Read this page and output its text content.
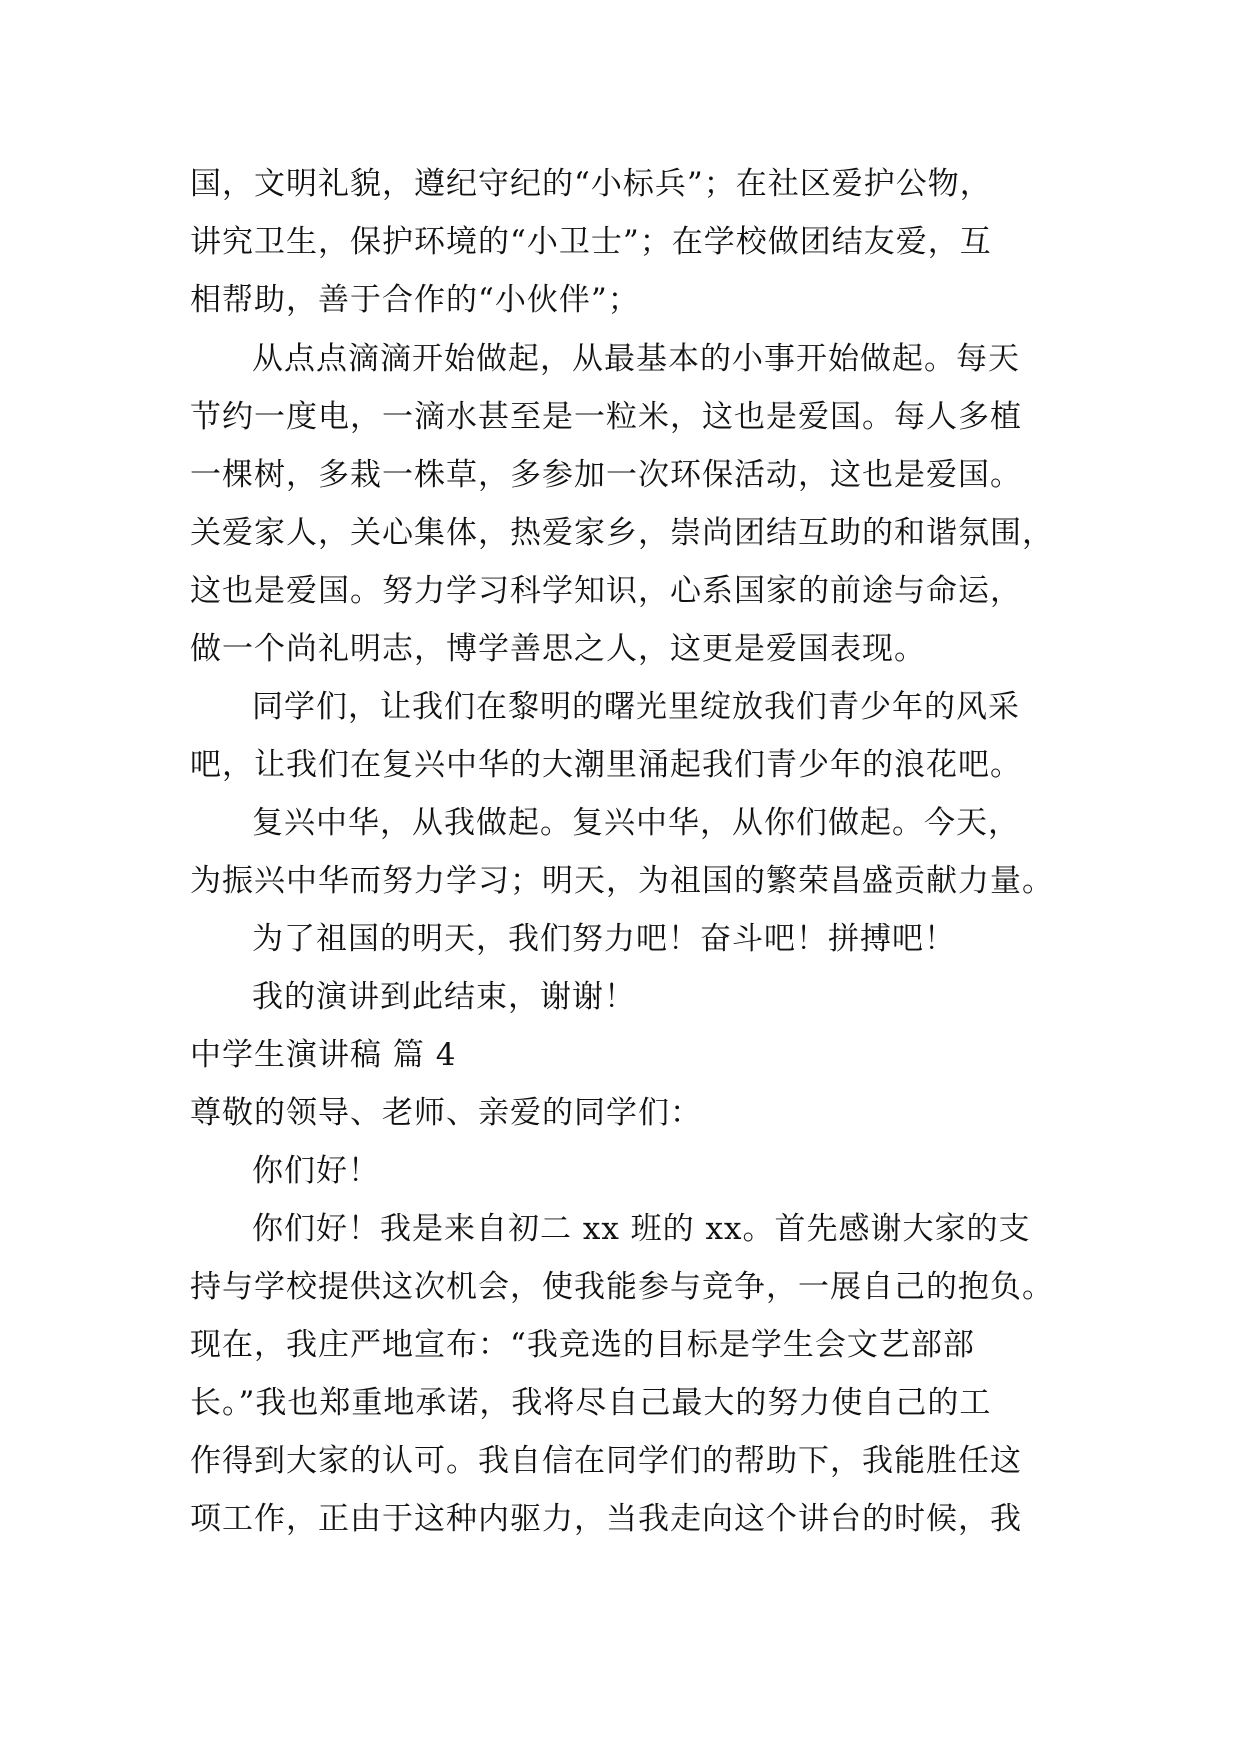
国，文明礼貌，遵纪守纪的“小标兵”；在社区爱护公物，
讲究卫生，保护环境的“小卫士”；在学校做团结友爱，互
相帮助，善于合作的“小伙伴”；
从点点滴滴开始做起，从最基本的小事开始做起。每天
节约一度电，一滴水甚至是一粒米，这也是爱国。每人多植
一棵树，多栽一株草，多参加一次环保活动，这也是爱国。
关爱家人，关心集体，热爱家乡，崇尚团结互助的和谐氛围，
这也是爱国。努力学习科学知识，心系国家的前途与命运，
做一个尚礼明志，博学善思之人，这更是爱国表现。
同学们，让我们在黎明的曙光里绽放我们青少年的风采
吧，让我们在复兴中华的大潮里涌起我们青少年的浪花吧。
复兴中华，从我做起。复兴中华，从你们做起。今天，
为振兴中华而努力学习；明天，为祖国的繁荣昌盛贡献力量。
为了祖国的明天，我们努力吧！奋斗吧！拼搏吧！
我的演讲到此结束，谢谢！
中学生演讲稿 篇 4
尊敬的领导、老师、亲爱的同学们：
你们好！
你们好！我是来自初二 xx 班的 xx。首先感谢大家的支
持与学校提供这次机会，使我能参与竞争，一展自己的抱负。
现在，我庄严地宣布：“我竞选的目标是学生会文艺部部
长。”我也郑重地承诺，我将尽自己最大的努力使自己的工
作得到大家的认可。我自信在同学们的帮助下，我能胜任这
项工作，正由于这种内驱力，当我走向这个讲台的时候，我
